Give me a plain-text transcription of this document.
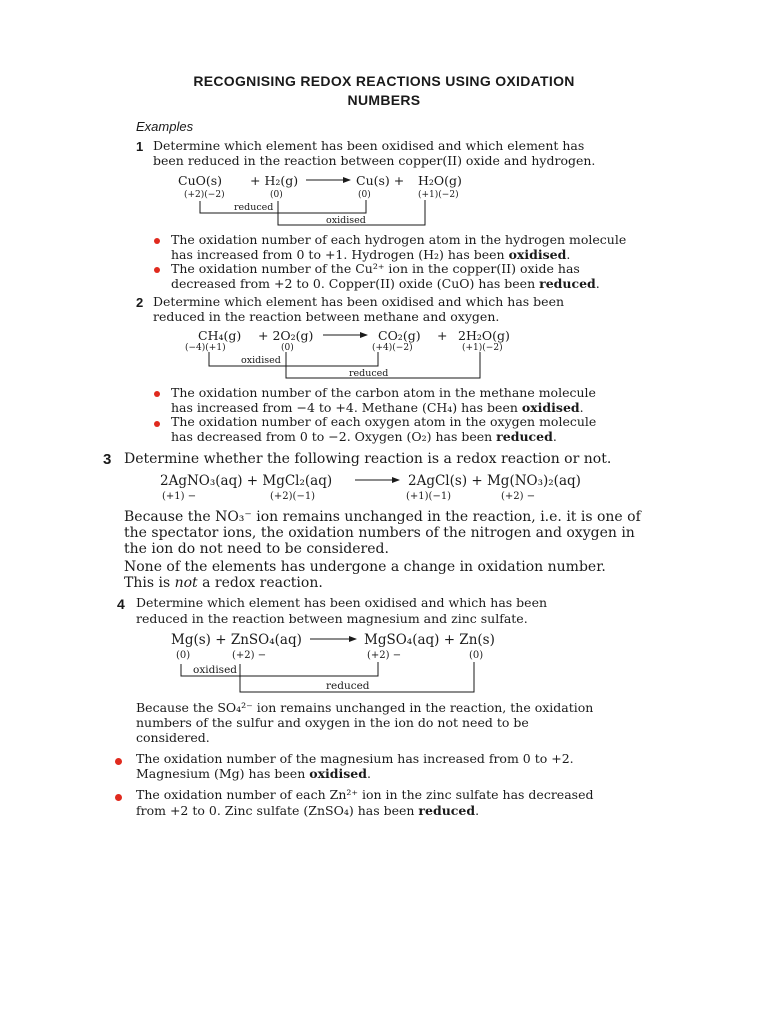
RECOGNISING REDOX REACTIONS USING OXIDATION
NUMBERS
Examples
1 Determine which element has been oxidised and which element has
been reduced in the reaction between copper(II) oxide and hydrogen.
CuO(s) + H₂(g)	Cu(s) + H₂O(g)
(+2)(−2)	(0)	(0)	(+1)(−2)
reduced
oxidised
The oxidation number of each hydrogen atom in the hydrogen molecule
has increased from 0 to +1. Hydrogen (H₂) has been oxidised.
The oxidation number of the Cu²⁺ ion in the copper(II) oxide has
decreased from +2 to 0. Copper(II) oxide (CuO) has been reduced.
2 Determine which element has been oxidised and which has been
reduced in the reaction between methane and oxygen.
CH₄(g) + 2O₂(g)	CO₂(g) + 2H₂O(g)
(−4)(+1)	(0)	(+4)(−2)	(+1)(−2)
oxidised
reduced
The oxidation number of the carbon atom in the methane molecule
has increased from −4 to +4. Methane (CH₄) has been oxidised.
The oxidation number of each oxygen atom in the oxygen molecule
has decreased from 0 to −2. Oxygen (O₂) has been reduced.
3 Determine whether the following reaction is a redox reaction or not.
2AgNO₃(aq) + MgCl₂(aq)	2AgCl(s) + Mg(NO₃)₂(aq)
(+1) −	(+2)(−1)	(+1)(−1)	(+2) −
Because the NO₃⁻ ion remains unchanged in the reaction, i.e. it is one of
the spectator ions, the oxidation numbers of the nitrogen and oxygen in
the ion do not need to be considered.
None of the elements has undergone a change in oxidation number.
This is not a redox reaction.
4 Determine which element has been oxidised and which has been
reduced in the reaction between magnesium and zinc sulfate.
Mg(s) + ZnSO₄(aq)	MgSO₄(aq) + Zn(s)
(0)	(+2) −	(+2) −	(0)
oxidised
reduced
Because the SO₄²⁻ ion remains unchanged in the reaction, the oxidation
numbers of the sulfur and oxygen in the ion do not need to be
considered.
The oxidation number of the magnesium has increased from 0 to +2.
Magnesium (Mg) has been oxidised.
The oxidation number of each Zn²⁺ ion in the zinc sulfate has decreased
from +2 to 0. Zinc sulfate (ZnSO₄) has been reduced.
